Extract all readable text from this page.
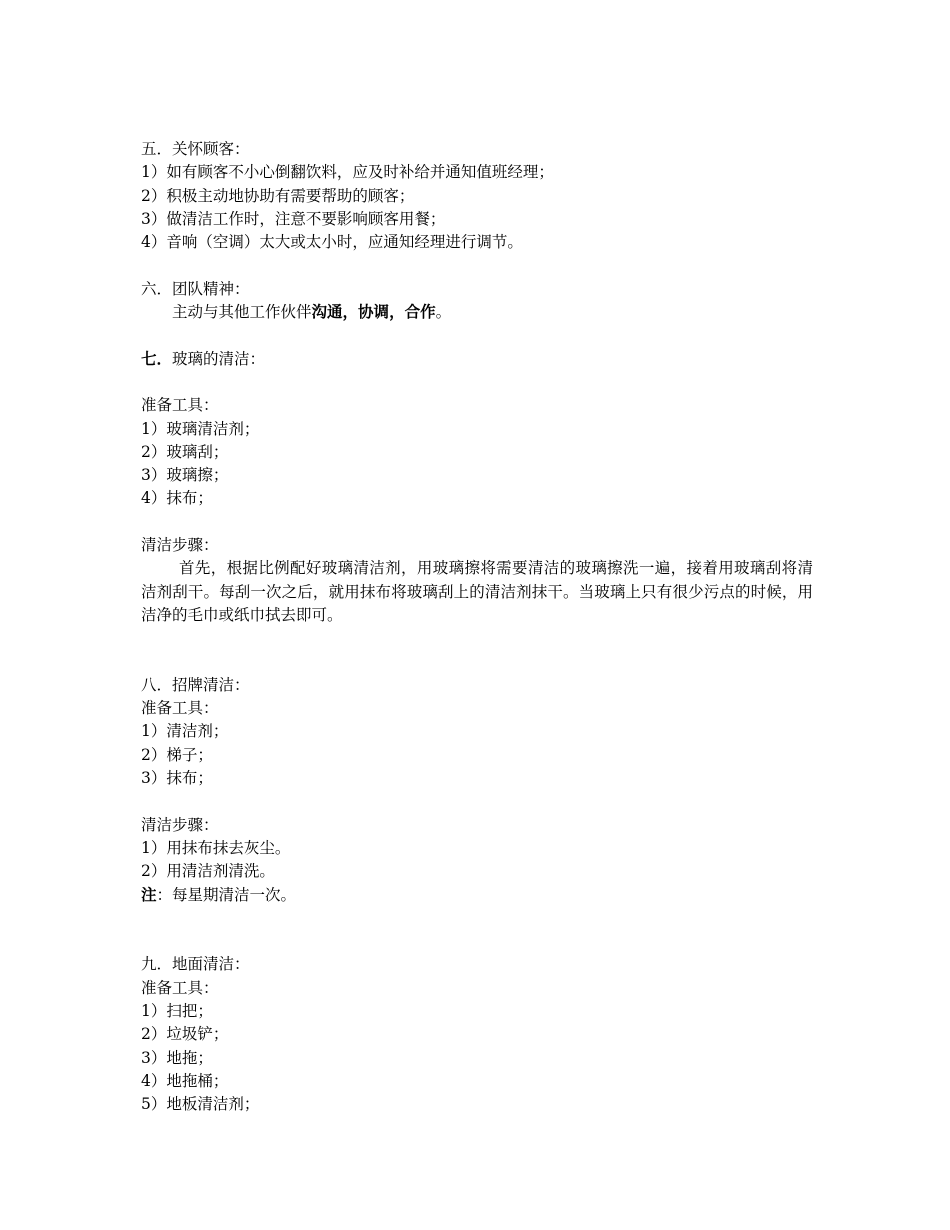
五．关怀顾客：
1）如有顾客不小心倒翻饮料，应及时补给并通知值班经理；
2）积极主动地协助有需要帮助的顾客；
3）做清洁工作时，注意不要影响顾客用餐；
4）音响（空调）太大或太小时，应通知经理进行调节。
六．团队精神：
主动与其他工作伙伴沟通，协调，合作。
七．玻璃的清洁：
准备工具：
1）玻璃清洁剂；
2）玻璃刮；
3）玻璃擦；
4）抹布；
清洁步骤：
首先，根据比例配好玻璃清洁剂，用玻璃擦将需要清洁的玻璃擦洗一遍，接着用玻璃刮将清洁剂刮干。每刮一次之后，就用抹布将玻璃刮上的清洁剂抹干。当玻璃上只有很少污点的时候，用洁净的毛巾或纸巾拭去即可。
八．招牌清洁：
准备工具：
1）清洁剂；
2）梯子；
3）抹布；
清洁步骤：
1）用抹布抹去灰尘。
2）用清洁剂清洗。
注：每星期清洁一次。
九．地面清洁：
准备工具：
1）扫把；
2）垃圾铲；
3）地拖；
4）地拖桶；
5）地板清洁剂；
